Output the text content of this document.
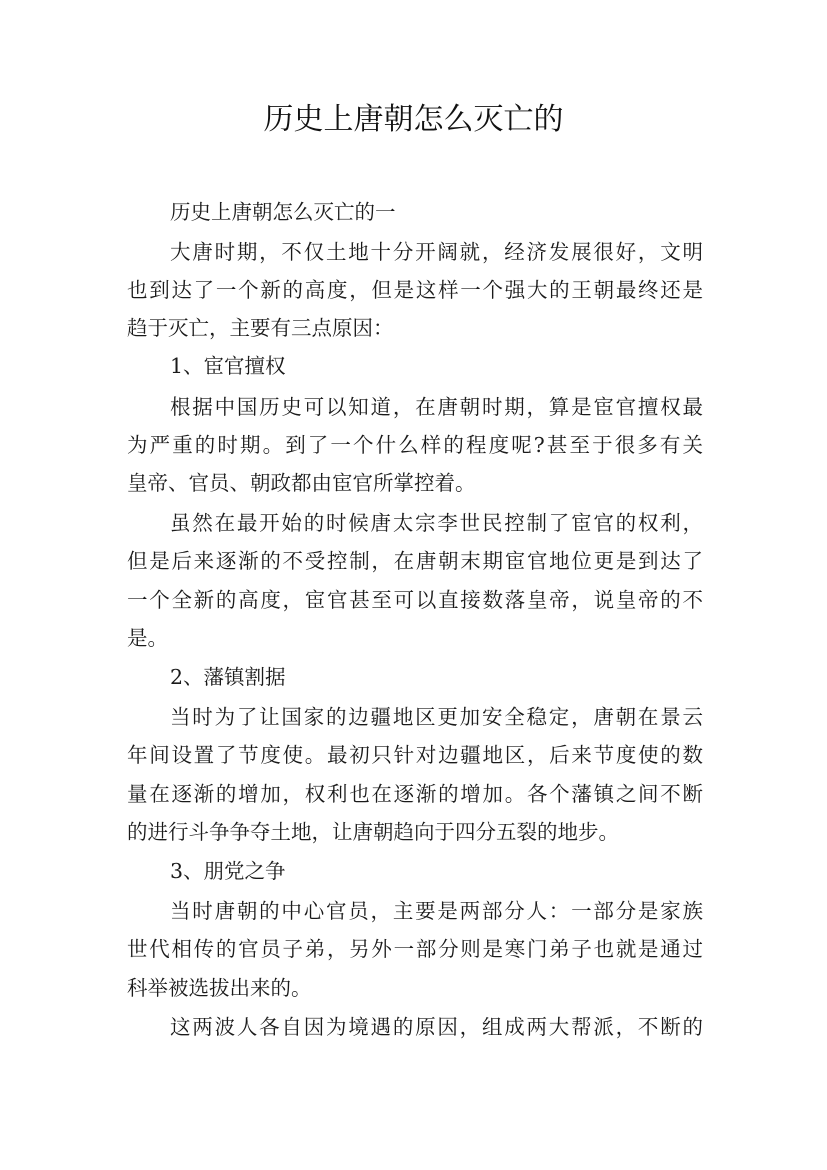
历史上唐朝怎么灭亡的

历史上唐朝怎么灭亡的一

大唐时期，不仅土地十分开阔就，经济发展很好，文明

也到达了一个新的高度，但是这样一个强大的王朝最终还是

趋于灭亡，主要有三点原因：

1、宦官擅权

根据中国历史可以知道，在唐朝时期，算是宦官擅权最

为严重的时期。到了一个什么样的程度呢?甚至于很多有关

皇帝、官员、朝政都由宦官所掌控着。

虽然在最开始的时候唐太宗李世民控制了宦官的权利，

但是后来逐渐的不受控制，在唐朝末期宦官地位更是到达了

一个全新的高度，宦官甚至可以直接数落皇帝，说皇帝的不

是。

2、藩镇割据

当时为了让国家的边疆地区更加安全稳定，唐朝在景云

年间设置了节度使。最初只针对边疆地区，后来节度使的数

量在逐渐的增加，权利也在逐渐的增加。各个藩镇之间不断

的进行斗争争夺土地，让唐朝趋向于四分五裂的地步。

3、朋党之争

当时唐朝的中心官员，主要是两部分人：一部分是家族

世代相传的官员子弟，另外一部分则是寒门弟子也就是通过

科举被选拔出来的。

这两波人各自因为境遇的原因，组成两大帮派，不断的
